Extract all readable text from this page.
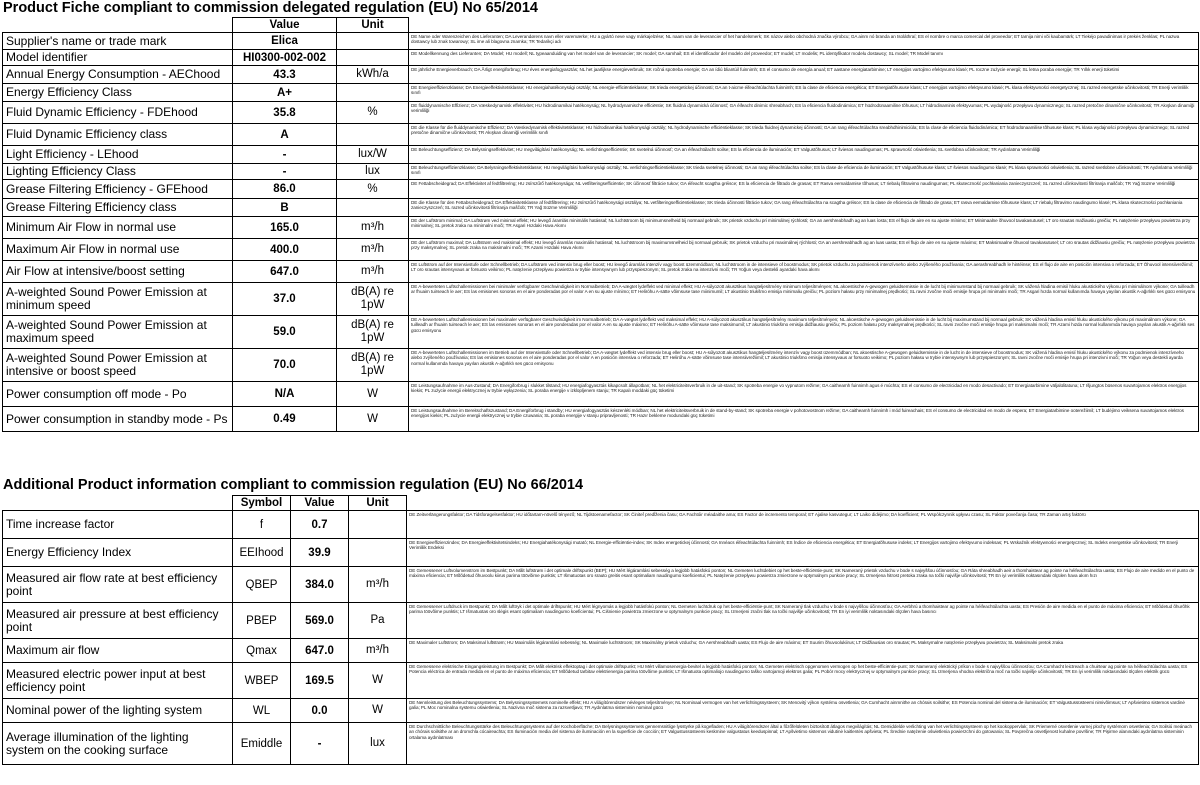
Product Fiche compliant to commission delegated regulation (EU) No 65/2014
	Value	Unit	
Supplier's name or trade mark	Elica		DE Name oder Warenzeichen des Lieferanten; DA Leverandørens navn eller varemærke; HU a gyártó neve vagy márkajelzése; NL naam van de leverancier of het handelsmerk; SK názov alebo obchodná značka výrobcu; GA ainm nó branda an tsoláthraí; ES el nombre o marca comercial del proveedor; ET tarnija nimi või kaubamärk; LT Tiekėjo pavadinimas ir prekės ženklas; PL nazwa dostawcy lub znak towarowy; SL ime ali blagovna znamka; TR Tedarikçi adı
Model identifier	HI0300-002-002		DE Modellkennung des Lieferanten; DA Model; HU modell; NL typeaanduiding van het model van de leverancier; SK model; GA samhail; ES el identificador del modelo del proveedor; ET mudel; LT modelis; PL identyfikator modelu dostawcy; SL model; TR Model tanımı
Annual Energy Consumption - AEChood	43.3	kWh/a	DE jährliche Energieverbrauch; DA Årligt energiforbrug; HU éves energiafogyasztás; NL het jaarlijkse energieverbruik; SK ročná spotreba energie; GA an ídiú bliantúil fuinnimh; ES el consumo de energía anual; ET aastane energiatarbimine; LT energijos vartojimo efektyvumo klasė; PL roczne zużycie energii; SL letna poraba energije; TR Yıllık enerji tüketimi
Energy Efficiency Class	A+		DE Energieeffizienzklasse; DA Energieeffektivitetsklasse; HU energiahatékonysági osztály; NL energie-efficiëntieklasse; SK trieda energetickej účinnosti; GA an t-aicme éifeachtúlachta fuinnimh; ES la clase de eficiencia energética; ET Energiatõhususe klass; LT energijos vartojimo efektyvumo klasė; PL klasa efektywności energetycznej; SL razred energetske učinkovitosti; TR Enerji verimlilik sınıfı
Fluid Dynamic Efficiency - FDEhood	35.8	%	DE fluiddynamische Effizienz; DA Væskedynamisk effektivitet; HU hidrodinamikai hatékonyság; NL hydrodynamische efficiëntie; SK fluidná dynamická účinnosť; GA éifeacht dinimic shreabhach; ES la eficiencia fluidodinámica; ET hüdrodünaamiline tõhusus; LT hidrodinaminis efektyvumas; PL wydajność przepływu dynamicznego; SL razred pretočne dinamične učinkovitosti; TR Akışkan dinamiği verimliliği
Fluid Dynamic Efficiency class	A		DE die Klasse für die fluiddynamische Effizienz; DA Væskedynamisk effektivitetsklasse; HU hidrodinamikai hatékonysági osztály; NL hydrodynamische efficiëntieklasse; SK trieda fluidnej dynamickej účinnosti; GA an rang éifeachtúlachta sreabhdhinimiciúla; ES la clase de eficiencia fluidodinámica; ET hüdrodünaamilise tõhususe klass; PL klasa wydajności przepływu dynamicznego; SL razred pretočne dinamične učinkovitosti; TR Akışkan dinamiği verimlilik sınıfı
Light Efficiency - LEhood	-	lux/W	DE Beleuchtungseffizienz; DA Belysningseffektivitet; HU megvilágítási hatékonyság; NL verlichtingsefficiëntie; SK svetelná účinnosť; GA an éifeachtúlacht soilse; ES la eficiencia de iluminación; ET Valgustõhusus; LT šviesos naudingumas; PL sprawność oświetlenia; SL svetlobna učinkovitost; TR Aydınlatma Verimliliği
Lighting Efficiency Class	-	lux	DE Beleuchtungseffizienzklasse; DA Belysningseffektivitetsklasse; HU megvilágítási hatékonysági osztály; NL verlichtingsefficiëntieklasse; SK trieda svetelnej účinnosti; GA an rang éifeachtúlachta soilse; ES la clase de eficiencia de iluminación; ET Valgustõhususe klass; LT šviesos naudingumo klasė; PL klasa sprawności oświetlenia; SL razred svetlobne učinkovitosti; TR Aydınlatma Verimliliği sınıfı
Grease Filtering Efficiency - GFEhood	86.0	%	DE Fettabscheidegrad; DA Effektivitet af fedtfiltrering; HU zsírszűrő hatékonysága; NL vetfilteringsefficiëntie; SK účinnosť filtrácie tukov; GA éifeacht scagtha gréisce; ES la eficiencia de filtrado de grasas; ET Rasva eemaldamise tõhusus; LT riebalų filtravimo naudingumas; PL skuteczność pochłaniania zanieczyszczeń; SL razred učinkovitosti filtriranja maščob; TR Yağ Süzme Verimliliği
Grease Filtering Efficiency class	B		DE die Klasse für den Fettabscheidegrad; DA Effektivitetsklasse af fedtfiltrering; HU zsírszűrő hatékonysági osztálya; NL vetfilteringsefficiëntieklasse; SK trieda účinnosti filtrácie tukov; GA rang éifeachtúlachta na scagtha gréisce; ES la clase de eficiencia de filtrado de grasa; ET rasva eemaldamise tõhususe klass; LT riebalų filtravimo naudingumo klasė; PL klasa skuteczności pochłaniania zanieczyszczeń; SL razred učinkovitosti filtriranja maščob; TR Yağ Süzme Verimliliği
Minimum Air Flow in normal use	165.0	m³/h	DE der Luftstrom minimal; DA Luftstrøm ved minimal effekt; HU levegő áramlás minimális hatással; NL luchtstroom bij minimumsnelheid bij normaal gebruik; SK prietok vzduchu pri minimálnej rýchlosti; GA an aershreabhadh ag an luas íosta; ES el flujo de aire en su ajuste mínimo; ET Minimaalne õhuvool tavakasutusel; LT oro srautas mažiausiu greičiu; PL natężenie przepływu powietrza przy minimalnej; SL pretok zraka na minimalni moči; TR Asgari Hızdaki Hava Akımı
Maximum Air Flow in normal use	400.0	m³/h	DE der Luftstrom maximal; DA Luftstrøm ved maksimal effekt; HU levegő áramlás maximális hatással; NL luchtstroom bij maximumsnelheid bij normaal gebruik; SK prietok vzduchu pri maximálnej rýchlosti; GA an aershreabhadh ag an luas uasta; ES el flujo de aire en su ajuste máximo; ET Maksimaalne õhuvool tavakasutusel; LT oro srautas didžiausiu greičiu; PL natężenie przepływu powietrza przy maksymalnej; SL pretok zraka na maksimalni moči; TR Azami Hızdaki Hava Akımı
Air Flow at intensive/boost setting	647.0	m³/h	DE Luftstrom auf der Intensivstufe oder Schnellbetrieb; DA Luftstrøm ved intensiv brug eller boost; HU levegő áramlás intenzív vagy boost üzemmódban; NL luchtstroom in de intensieve of boostmodus; SK prietok vzduchu za podmienok intenzívneho alebo zvýšeného používania; GA aerashreabhadh le hintéinse; ES el flujo de aire en posición intensiva o reforzada; ET Õhuvool intensiivrežiimil; LT oro srautas intensyvaus ar forsuoto veikimo; PL natężenie przepływu powietrza w trybie intensywnym lub przyspieszonym; SL pretok zraka na intenzivni moči; TR Yoğun veya destekli ayardaki hava akımı
A-weighted Sound Power Emission at minimum speed	37.0	dB(A) re 1pW	DE A-bewerteten Luftschallemissionen bei minimaler verfügbarer Geschwindigkeit im Normalbetrieb; DA A-vægtet lydeffekt ved minimal effekt; HU A-súlyozott akusztikus hangteljesítmény minimum teljesítményen; NL akoestische A-gewogen geluidsemissie in de lucht bij minimumstand bij normaal gebruik; SK vážená hladina emisií hluku akustického výkonu pri minimálnom výkone; GA tuilleadh ar fhuaim tuirseach le aer; ES las emisiones sonoras en el aire ponderadas por el valor A en su ajuste mínimo; ET Heliróhu A-sätte võimsuse tase miinimumil; LT akustinio triukšmo emisija minimaliu greičiu; PL poziom hałasu przy minimalnej prędkości; SL ravni zvočne moči emisije hrupa pri minimalni moči; TR Asgari hızda normal kullanımda havaya yayılan akustik A-ağırlıklı ses gücü emisyonu
A-weighted Sound Power Emission at maximum speed	59.0	dB(A) re 1pW	DE A-bewerteten Luftschallemissionen bei maximaler verfügbarer Geschwindigkeit im Normalbetrieb; DA A-vægtet lydeffekt ved maksimal effekt; HU A-súlyozott akusztikus hangteljesítmény maximum teljesítményen; NL akoestische A-gewogen geluidsemissie in de lucht bij maximumstand bij normaal gebruik; SK vážená hladina emisií hluku akustického výkonu pri maximálnom výkone; GA tuilleadh ar fhuaim tuirseach le aer; ES las emisiones sonoras en el aire ponderadas por el valor A en su ajuste máximo; ET Heliróhu A-sätte võimsuse tase maksimumil; LT akustinio triukšmo emisija didžiausiu greičiu; PL poziom hałasu przy maksymalnej prędkości; SL ravni zvočne moči emisije hrupa pri maksimalni moči; TR Azami hızda normal kullanımda havaya yayılan akustik A-ağırlıklı ses gücü emisyonu
A-weighted Sound Power Emission at intensive or boost speed	70.0	dB(A) re 1pW	DE A-bewerteten Luftschallemissionen im Betrieb auf der Intensivstufe oder Schnellbetrieb; DA A-vægtet lydeffekt ved intensiv brug eller boost; HU A-súlyozott akusztikus hangteljesítmény intenzív vagy boost üzemmódban; NL akoestische A-gewogen geluidsemissie in de lucht in de intensieve of boostmodus; SK vážená hladina emisií hluku akustického výkonu za podmienok intenzívneho alebo zvýšeného používania; ES las emisiones sonoras en el aire ponderadas por el valor A en posición intensiva o reforzada; ET Heliróhu A-sätte võimsuse tase intensiivrežiimil; LT akustinio triukšmo emisija intensyvaus ar forsuoto veikimo; PL poziom hałasu w trybie intensywnym lub przyspieszonym; SL ravni zvočne moči emisije hrupa pri intenzivni moči; TR Yoğun veya destekli ayarda normal kullanımda havaya yayılan akustik A-ağırlıklı ses gücü emisyonu
Power consumption off mode - Po	N/A	W	DE Leistungsaufnahme im Aus-Zustand; DA Energiforbrug i slukket tilstand; HU energiafogyasztás kikapcsolt állapotban; NL het elektriciteitsverbruik in de uit-stand; SK spotreba energie vo vypnutom režime; GA caitheamh fuinnimh agus é múchta; ES el consumo de electricidad en modo desactivado; ET Energiatarbimine väljalülitatuna; LT Išjungtos būsenos suvartojamos elektros energijos kiekis; PL zużycie energii elektrycznej w trybie wyłączenia; SL poraba energije v izklopljenem stanju; TR Kapalı moddaki güç tüketimi
Power consumption in standby mode - Ps	0.49	W	DE Leistungsaufnahme im Bereitschaftszustand; DA Energiforbrug i standby; HU energiafogyasztás készenléti módban; NL het elektriciteitsverbruik in de stand-by-stand; SK spotreba energie v pohotovostnom režime; GA caitheamh fuinnimh i mód fuireachais; ES el consumo de electricidad en modo de espera; ET Energiatarbimine ooterežiimil; LT budėjimo veiksena suvartojamos elektros energijos kiekis; PL zużycie energii elektrycznej w trybie czuwania; SL poraba energije v stanju pripravljenosti; TR Hazır bekleme modundaki güç tüketimi
Additional Product information compliant to commission regulation (EU) No 66/2014
	Symbol	Value	Unit	
Time increase factor	f	0.7		DE Zeitverlängerungsfaktor; DA Tidsforøgelsesfaktor; HU időtartam-növelő tényező; NL Tijdstoenamefactor; SK Činiteľ predĺženia času; GA Fachtóir méadaithe ama; ES Factor de incremento temporal; ET Ajalise kasvutegur; LT Laiko didėjimo; DA koefficient; PL Współczynnik upływu czasu; SL Faktor povečanja časa; TR Zaman artış faktörü
Energy Efficiency Index	EEIhood	39.9		DE Energieeffizienzindex; DA Energieeffektivitetsindeks; HU Energiahatékonysági mutató; NL Energie-efficiëntie-index; SK Index energetickej účinnosti; GA Innéacs éifeachtúlachta fuinnimh; ES Índice de eficiencia energética; ET Energiatõhususe indeks; LT Energijos vartojimo efektyvumo indeksas; PL Wskaźnik efektywności energetycznej; SL Indeks energetske učinkovitosti; TR Enerji Verimlilik Endeksi
Measured air flow rate at best efficiency point	QBEP	384.0	m³/h	DE Gemessener Luftvolumenstrom im Bestpunkt; DA Målt luftstrøm i det optimale driftspunkt (BEP); HU Mért légáramlási sebesség a legjobb hatásfokú ponton; NL Gemeten luchtdebiet op het beste-efficiëntie-punt; SK Nameraný prietok vzduchu v bode s najvyššou účinnosťou; GA Ráta shreabhadh aeir a thomhaistear ag pointe na héifeachtúlachta uasta; ES Flujo de aire medido en el punto de máxima eficiencia; ET Mõõdetud õhuvoolu kiirus parima töövõime punktis; LT Išmatuotas oro srauto greitis esant optimaliam naudingumo koeficientui; PL Natężenie przepływu powietrza zmierzone w optymalnym punkcie pracy; SL Izmerjena hitrost pretoka zraka na točki najvišje učinkovitosti; TR En iyi verimlilik noktasındaki ölçülen hava akım hızı
Measured air pressure at best efficiency point	PBEP	569.0	Pa	DE Gemessener Luftdruck im Bestpunkt; DA Målt lufttryk i det optimale driftspunkt; HU Mért légnyomás a legjobb hatásfokú ponton; NL Gemeten luchtdruk op het beste-efficiëntie-punt; SK Nameraný tlak vzduchu v bode s najvyššou účinnosťou; GA Aerbhrú a thomhaistear ag pointe na héifeachtúlachta uasta; ES Presión de aire medida en el punto de máxima eficiencia; ET Mõõdetud õhurõhk parima töövõime punktis; LT Išmatuotas oro slėgis esant optimaliam naudingumo koeficientui; PL Ciśnienie powietrza zmierzone w optymalnym punkcie pracy; SL Izmerjeni zračni tlak na točki najvišje učinkovitosti; TR En iyi verimlilik noktasındaki ölçülen hava basıncı
Maximum air flow	Qmax	647.0	m³/h	DE Maximaler Luftstrom; DA Maksimal luftstrøm; HU Maximális légáramlási sebesség; NL Maximale luchtstroom; SK Maximálny prietok vzduchu; GA Aershreabhadh uasta; ES Flujo de aire máximo; ET Suurim õhuvoolukiirus; LT Didžiausias oro srautas; PL Maksymalne natężenie przepływu powietrza; SL Maksimalni pretok zraka
Measured electric power input at best efficiency point	WBEP	169.5	W	DE Gemessene elektrische Eingangsleistung im Bestpunkt; DA Målt elektrisk effektoptag i det optimale driftspunkt; HU Mért villamosenergia-bevitel a legjobb hatásfokú ponton; NL Gemeten elektrisch opgenomen vermogen op het beste-efficiëntie-punt; SK Nameraný elektrický príkon v bode s najvyššou účinnosťou; GA Cumhacht leictreach a chuirtear ag pointe na héifeachtúlachta uasta; ES Potencia eléctrica de entrada medida en el punto de máxima eficiencia; ET Mõõdetud tarbitav elektrienergia parima töövõime punktis; LT Išmatuota optimaliojo naudingumo taško vartojamoji elektros galia; PL Pobór mocy elektrycznej w optymalnym punkcie pracy; SL Izmerjena vhodna električna moč na točki najvišje učinkovitosti; TR En iyi verimlilik noktasındaki ölçülen elektrik gücü
Nominal power of the lighting system	WL	0.0	W	DE Nennleistung des Beleuchtungssystems; DA Belysningssystemets nominelle effekt; HU A világítórendszer névleges teljesítménye; NL Nominaal vermogen van het verlichtingssysteem; SK Menovitý výkon systému osvetlenia; GA Cumhacht ainmnithe an chórais soilsithe; ES Potencia nominal del sistema de iluminación; ET Valgustussüsteemi nimivõimsus; LT Apšvietimo sistemos vardinė galia; PL Moc nominalna systemu oświetlenia; SL Nazivna moč sistema za razsvetljavo; TR Aydınlatma sisteminin nominal gücü
Average illumination of the lighting system on the cooking surface	Emiddle	-	lux	DE Durchschnittliche Beleuchtungsstärke des Beleuchtungssystems auf der Kochoberfläche; DA Belysningssystemets gennemsnitlige lysstyrke på kogefladen; HU A világítórendszer által a főzőfelületen biztosított átlagos megvilágítás; NL Gemiddelde verlichting van het verlichtingssysteem op het kookoppervlak; SK Priemerné osvetlenie varnej plochy systémom osvetlenia; GA Soilsiú meánach an chórais soilsithe ar an dromchla cócaireachta; ES Iluminación media del sistema de iluminación en la superficie de cocción; ET Valgustussüsteemi keskmine valgustatus keeduspinnal; LT Apšvietimo sistemos vidutinė kaitlentės apšvieta; PL Średnie natężenie oświetlenia powierzchni do gotowania; SL Povprečna osvetljenost kuhalne površine; TR Pişirme alanındaki aydınlatma sisteminin ortalama aydınlatması
